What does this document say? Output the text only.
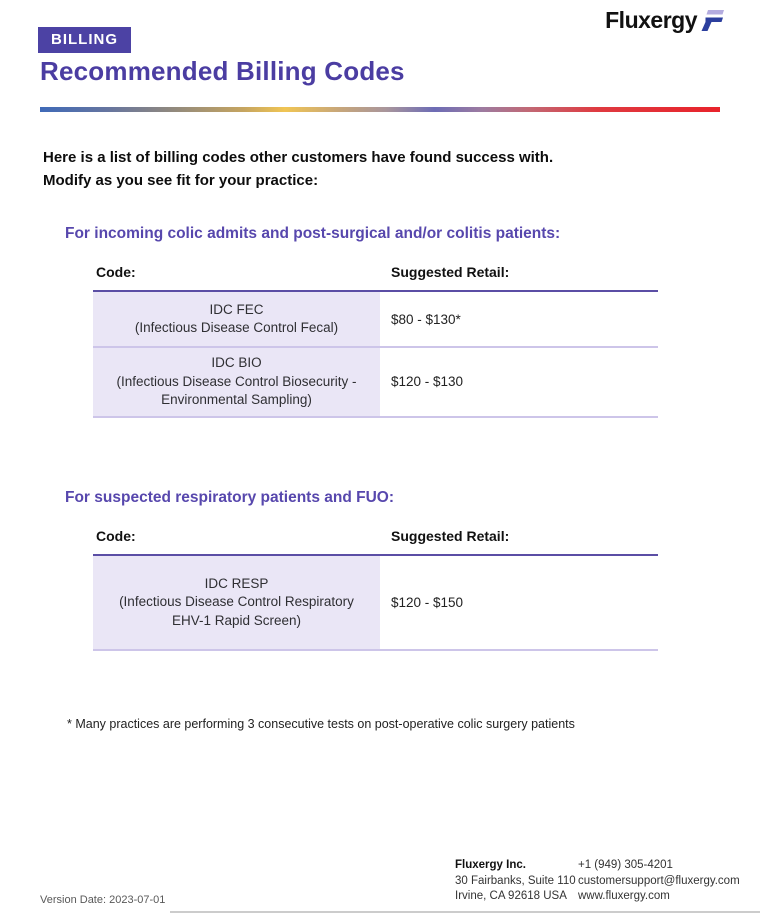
BILLING
Recommended Billing Codes
Fluxergy
Here is a list of billing codes other customers have found success with.
Modify as you see fit for your practice:
For incoming colic admits and post-surgical and/or colitis patients:
Code:	Suggested Retail:
IDC FEC
(Infectious Disease Control Fecal)
$80 - $130*
IDC BIO
(Infectious Disease Control Biosecurity - Environmental Sampling)
$120 - $130
For suspected respiratory patients and FUO:
Code:	Suggested Retail:
IDC RESP
(Infectious Disease Control Respiratory EHV-1 Rapid Screen)
$120 - $150
* Many practices are performing 3 consecutive tests on post-operative colic surgery patients
Fluxergy Inc.
30 Fairbanks, Suite 110
Irvine, CA 92618 USA
+1 (949) 305-4201
customersupport@fluxergy.com
www.fluxergy.com
Version Date: 2023-07-01
